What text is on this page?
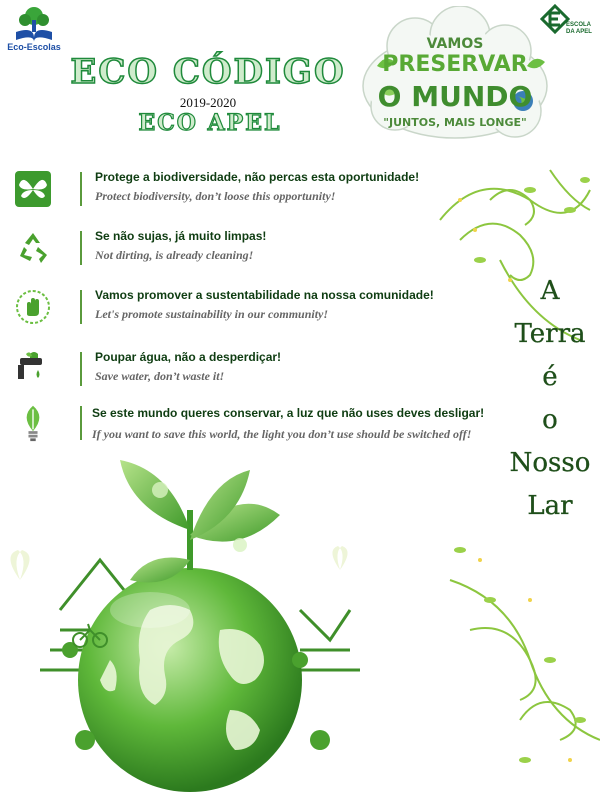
Eco-Escolas
ESCOLA DA APEL
ECO CÓDIGO
2019-2020
ECO APEL
VAMOS
PRESERVAR
O MUNDO
"JUNTOS, MAIS LONGE"
Protege a biodiversidade, não percas esta oportunidade!
Protect biodiversity, don’t loose this opportunity!
Se não sujas, já muito limpas!
Not dirting, is already cleaning!
Vamos promover a sustentabilidade na nossa comunidade!
Let's promote sustainability in our community!
Poupar água, não a desperdiçar!
Save water, don’t waste it!
Se este mundo queres conservar, a luz que não uses deves desligar!
If you want to save this world, the light you don’t use should be switched off!
A
Terra
é
o
Nosso
Lar
